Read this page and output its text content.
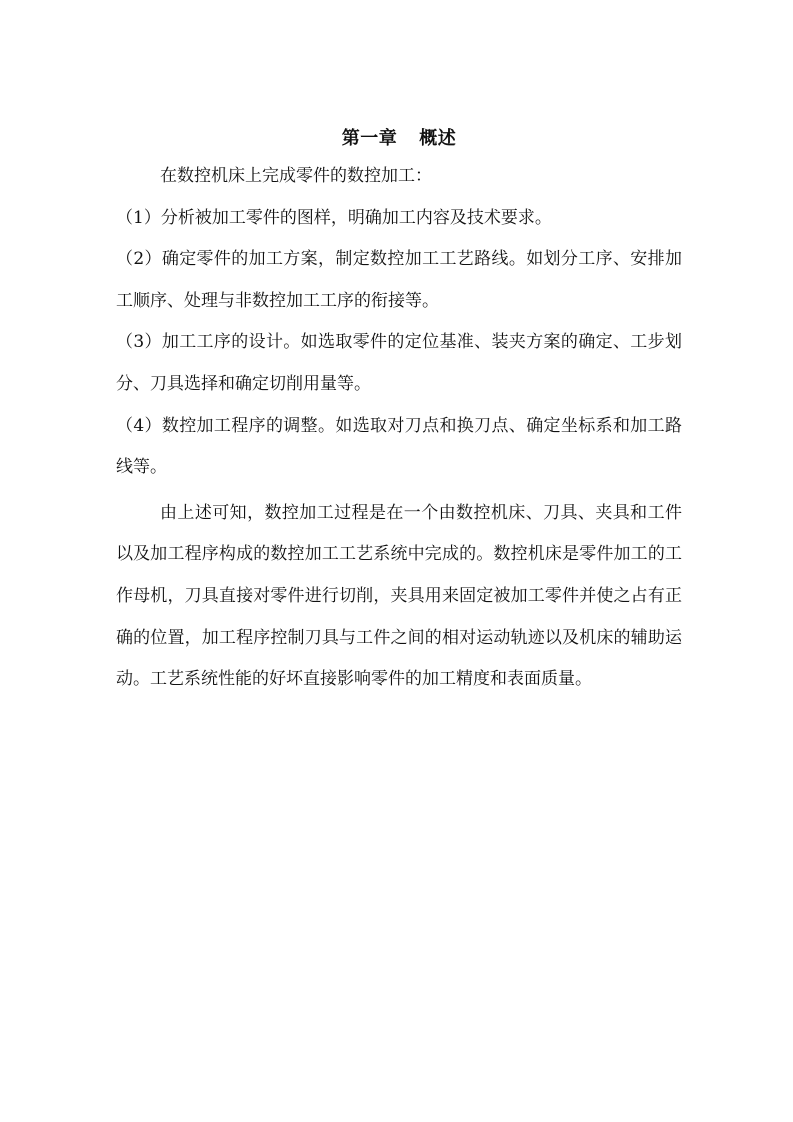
第一章 概述

在数控机床上完成零件的数控加工：

（1）分析被加工零件的图样，明确加工内容及技术要求。

（2）确定零件的加工方案，制定数控加工工艺路线。如划分工序、安排加工顺序、处理与非数控加工工序的衔接等。

（3）加工工序的设计。如选取零件的定位基准、装夹方案的确定、工步划分、刀具选择和确定切削用量等。

（4）数控加工程序的调整。如选取对刀点和换刀点、确定坐标系和加工路线等。

由上述可知，数控加工过程是在一个由数控机床、刀具、夹具和工件以及加工程序构成的数控加工工艺系统中完成的。数控机床是零件加工的工作母机，刀具直接对零件进行切削，夹具用来固定被加工零件并使之占有正确的位置，加工程序控制刀具与工件之间的相对运动轨迹以及机床的辅助运动。工艺系统性能的好坏直接影响零件的加工精度和表面质量。
